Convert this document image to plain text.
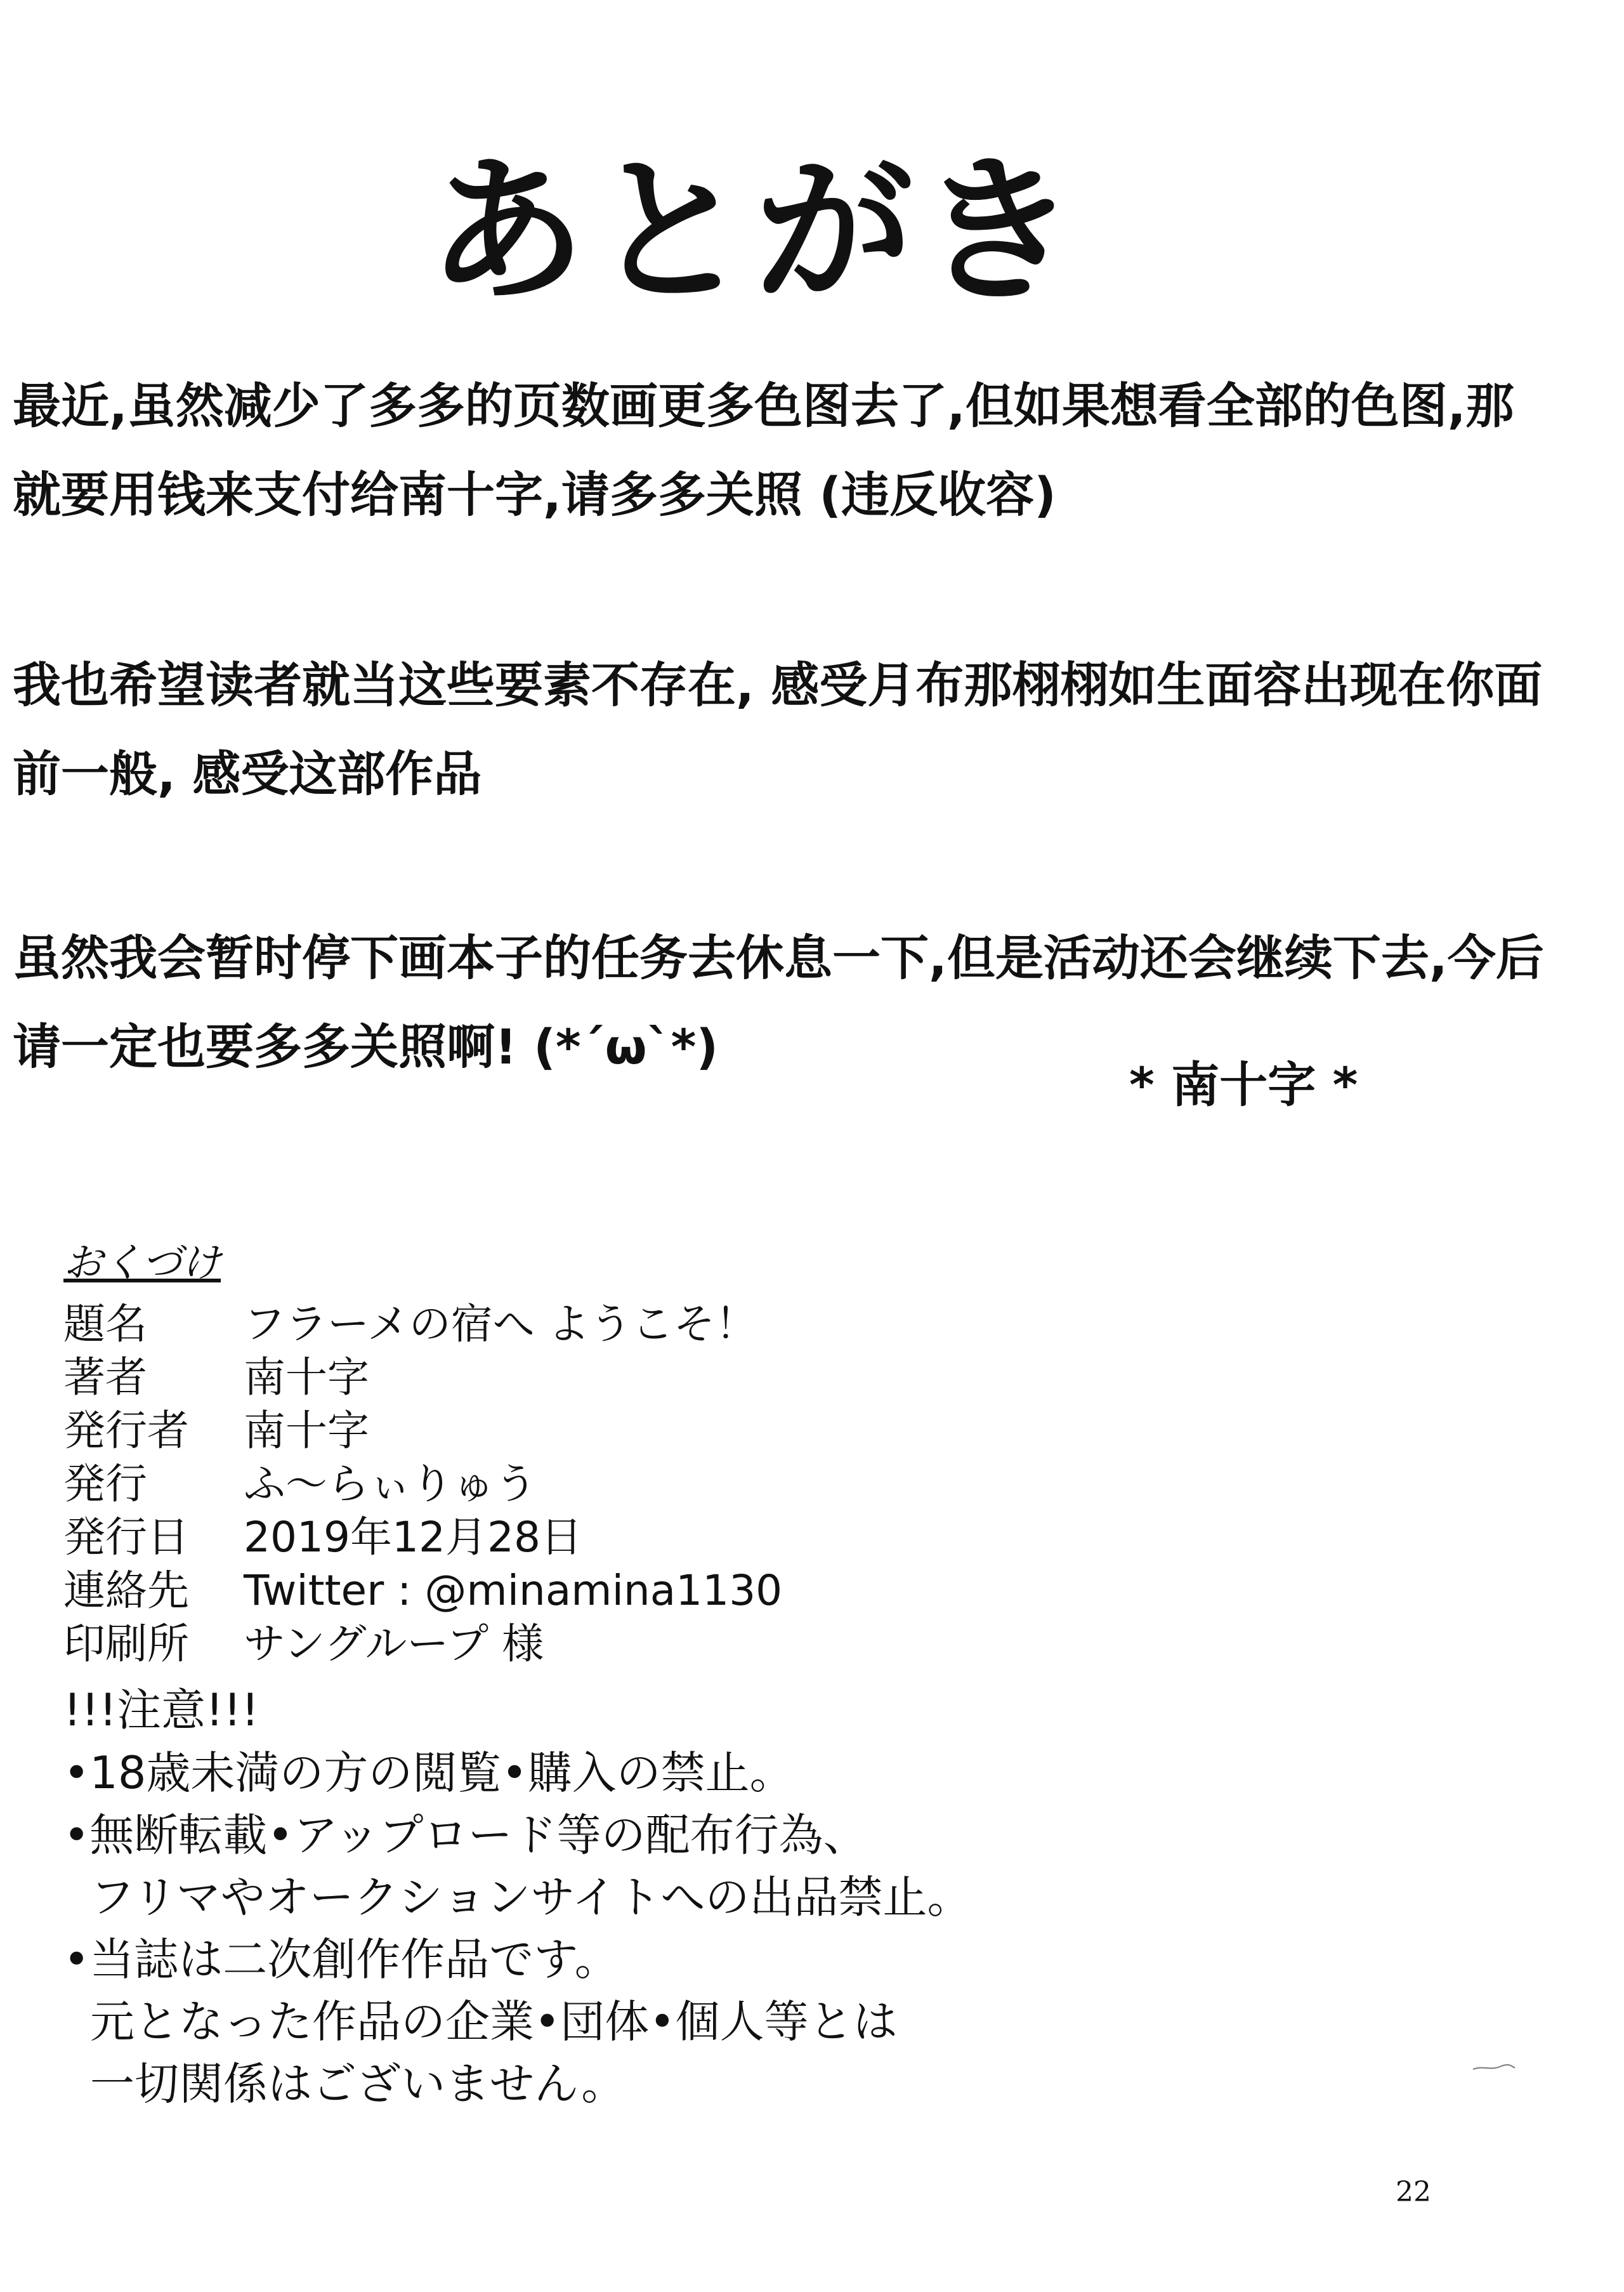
あとがき

最近,虽然减少了多多的页数画更多色图去了,但如果想看全部的色图,那
就要用钱来支付给南十字,请多多关照 (违反收容)

我也希望读者就当这些要素不存在, 感受月布那栩栩如生面容出现在你面
前一般, 感受这部作品

虽然我会暂时停下画本子的任务去休息一下,但是活动还会继续下去,今后
请一定也要多多关照啊! (*´ω`*)

* 南十字 *
おくづけ
題名 フラーメの宿へ ようこそ！
著者 南十字
発行者 南十字
発行 ふ〜らぃりゅう
発行日 2019年12月28日
連絡先 Twitter : @minamina1130
印刷所 サングループ 様
!!!注意!!!
•18歳未満の方の閲覧•購入の禁止。
•無断転載•アップロード等の配布行為、
フリマやオークションサイトへの出品禁止。
•当誌は二次創作作品です。
元となった作品の企業•団体•個人等とは
一切関係はございません。
22
